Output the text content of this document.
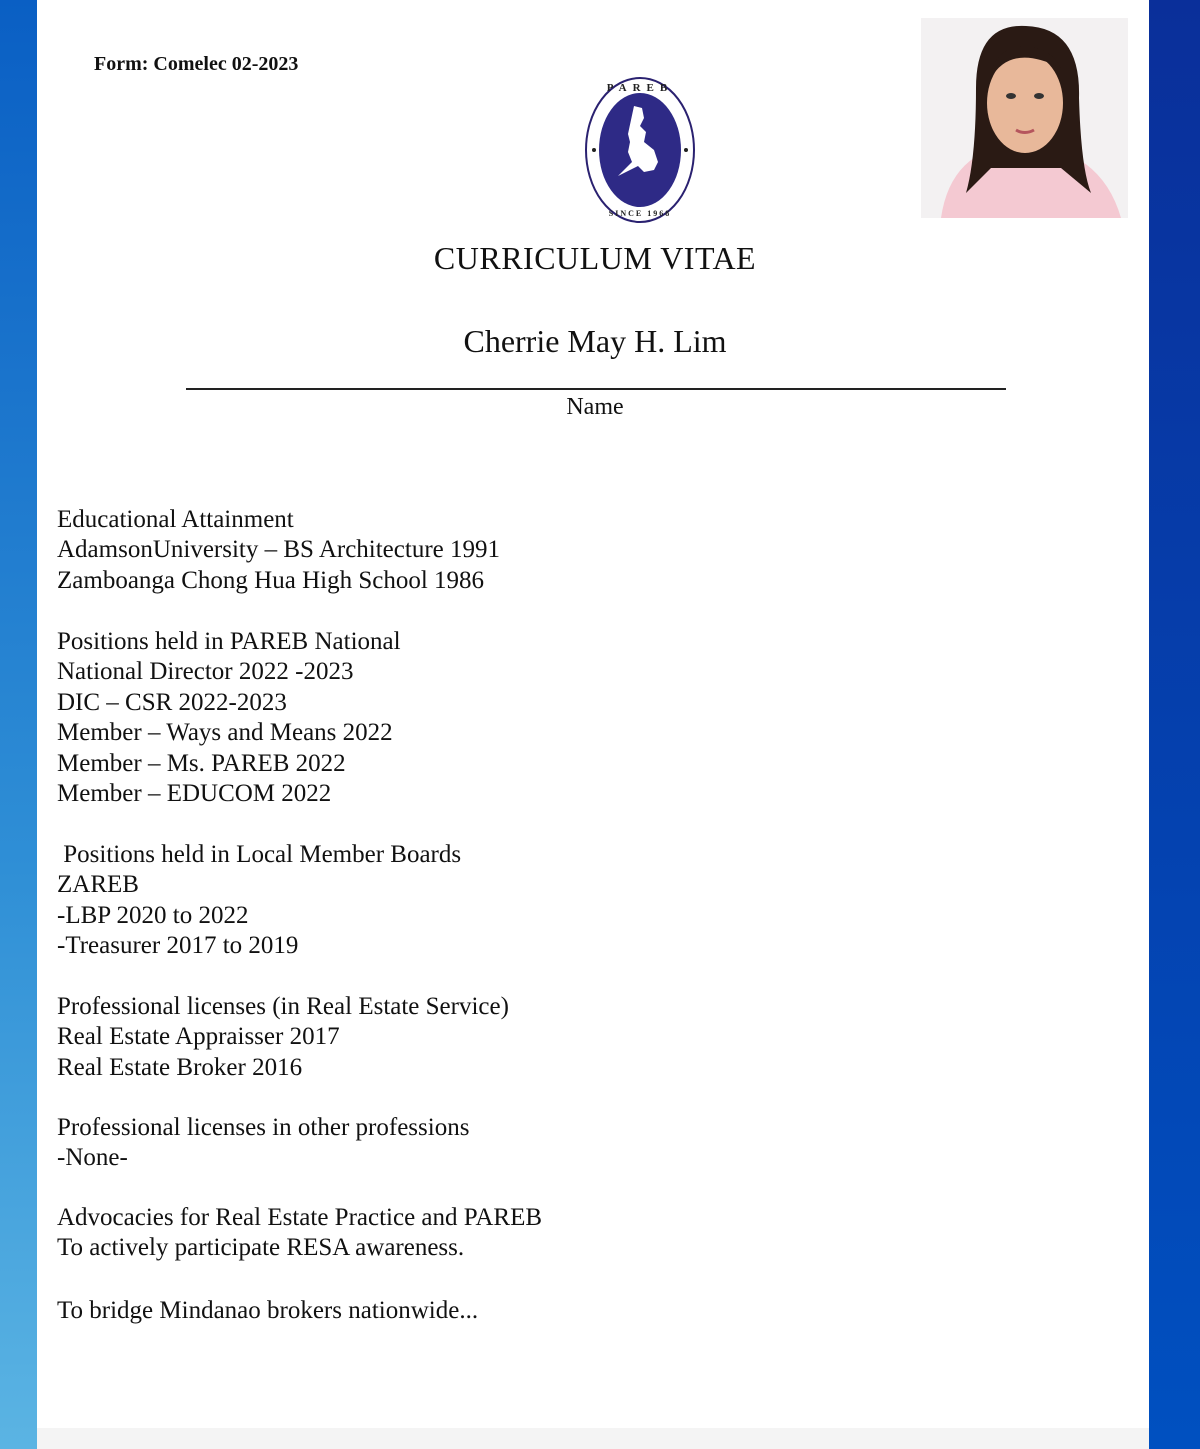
Form: Comelec 02-2023
PAREB
SINCE 1968
CURRICULUM VITAE
Cherrie May H. Lim
Name
Educational Attainment
AdamsonUniversity – BS Architecture 1991
Zamboanga Chong Hua High School 1986
Positions held in PAREB National
National Director 2022 -2023
DIC – CSR 2022-2023
Member – Ways and Means 2022
Member – Ms. PAREB 2022
Member – EDUCOM 2022
Positions held in Local Member Boards
ZAREB
-LBP 2020 to 2022
-Treasurer 2017 to 2019
Professional licenses (in Real Estate Service)
Real Estate Appraisser 2017
Real Estate Broker 2016
Professional licenses in other professions
-None-
Advocacies for Real Estate Practice and PAREB
To actively participate RESA awareness.
To bridge Mindanao brokers nationwide...
